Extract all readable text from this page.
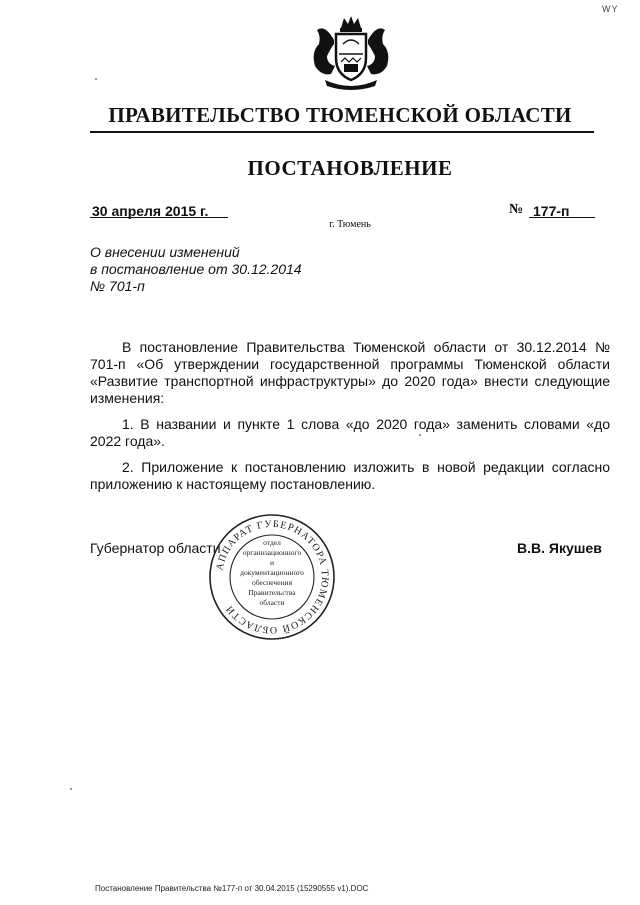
WY
ПРАВИТЕЛЬСТВО ТЮМЕНСКОЙ ОБЛАСТИ
ПОСТАНОВЛЕНИЕ
30 апреля 2015 г.	№ 177-п
г. Тюмень
О внесении изменений
в постановление от 30.12.2014
№ 701-п

В постановление Правительства Тюменской области от 30.12.2014 № 701-п «Об утверждении государственной программы Тюменской области «Развитие транспортной инфраструктуры» до 2020 года» внести следующие изменения:

1. В названии и пункте 1 слова «до 2020 года» заменить словами «до 2022 года».

2. Приложение к постановлению изложить в новой редакции согласно приложению к настоящему постановлению.

Губернатор области	В.В. Якушев
АППАРАТ ГУБЕРНАТОРА ТЮМЕНСКОЙ ОБЛАСТИ
отдел
организационного
и
документационного
обеспечения
Правительства
области
Постановление Правительства №177-п от 30.04.2015 (15290555 v1).DOC
